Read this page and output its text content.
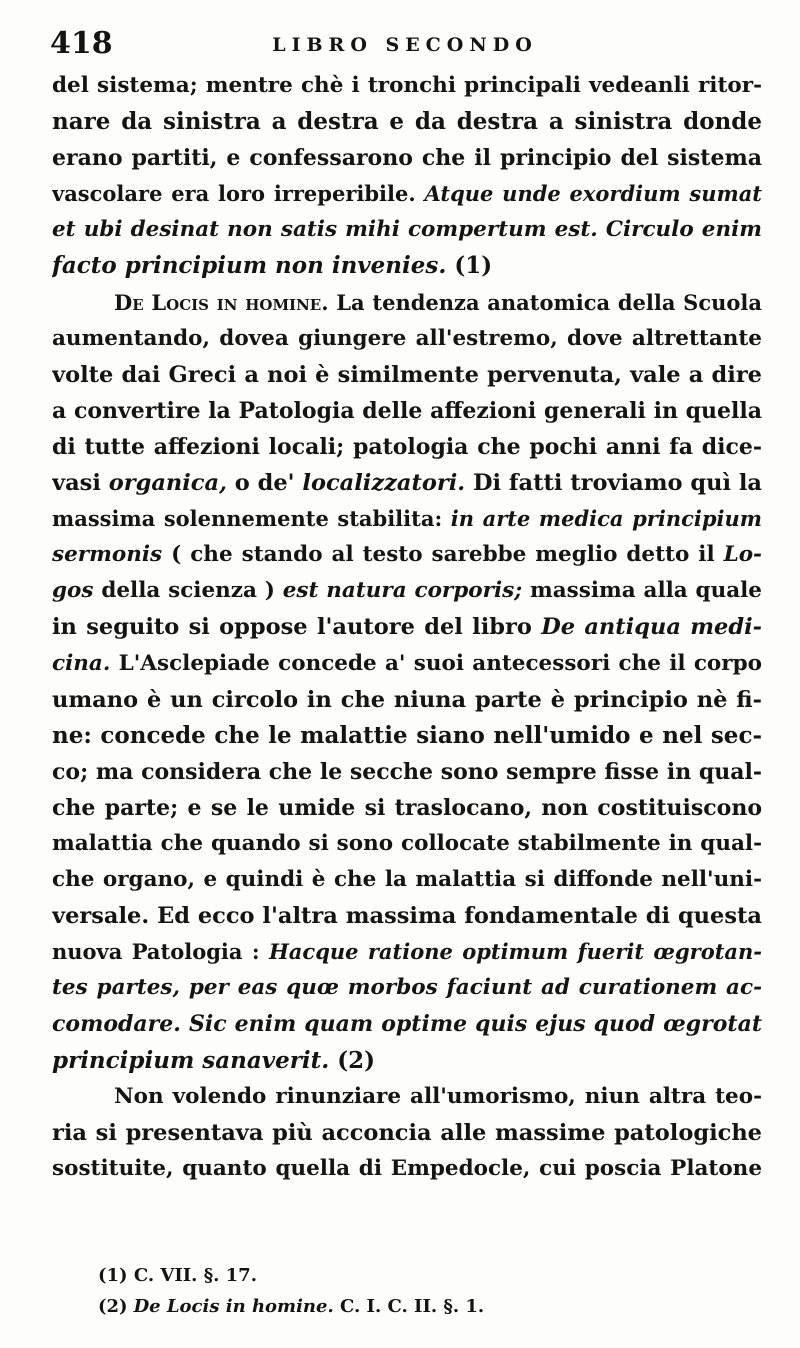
418	LIBRO SECONDO
del sistema; mentre chè i tronchi principali vedeanli ritor-
nare da sinistra a destra e da destra a sinistra donde
erano partiti, e confessarono che il principio del sistema
vascolare era loro irreperibile. Atque unde exordium sumat
et ubi desinat non satis mihi compertum est. Circulo enim
facto principium non invenies. (1)
De Locis in homine. La tendenza anatomica della Scuola
aumentando, dovea giungere all'estremo, dove altrettante
volte dai Greci a noi è similmente pervenuta, vale a dire
a convertire la Patologia delle affezioni generali in quella
di tutte affezioni locali; patologia che pochi anni fa dice-
vasi organica, o de' localizzatori. Di fatti troviamo quì la
massima solennemente stabilita: in arte medica principium
sermonis ( che stando al testo sarebbe meglio detto il Lo-
gos della scienza ) est natura corporis; massima alla quale
in seguito si oppose l'autore del libro De antiqua medi-
cina. L'Asclepiade concede a' suoi antecessori che il corpo
umano è un circolo in che niuna parte è principio nè fi-
ne: concede che le malattie siano nell'umido e nel sec-
co; ma considera che le secche sono sempre fisse in qual-
che parte; e se le umide si traslocano, non costituiscono
malattia che quando si sono collocate stabilmente in qual-
che organo, e quindi è che la malattia si diffonde nell'uni-
versale. Ed ecco l'altra massima fondamentale di questa
nuova Patologia : Hacque ratione optimum fuerit œgrotan-
tes partes, per eas quœ morbos faciunt ad curationem ac-
comodare. Sic enim quam optime quis ejus quod œgrotat
principium sanaverit. (2)
Non volendo rinunziare all'umorismo, niun altra teo-
ria si presentava più acconcia alle massime patologiche
sostituite, quanto quella di Empedocle, cui poscia Platone
(1) C. VII. §. 17.
(2) De Locis in homine. C. I. C. II. §. 1.
